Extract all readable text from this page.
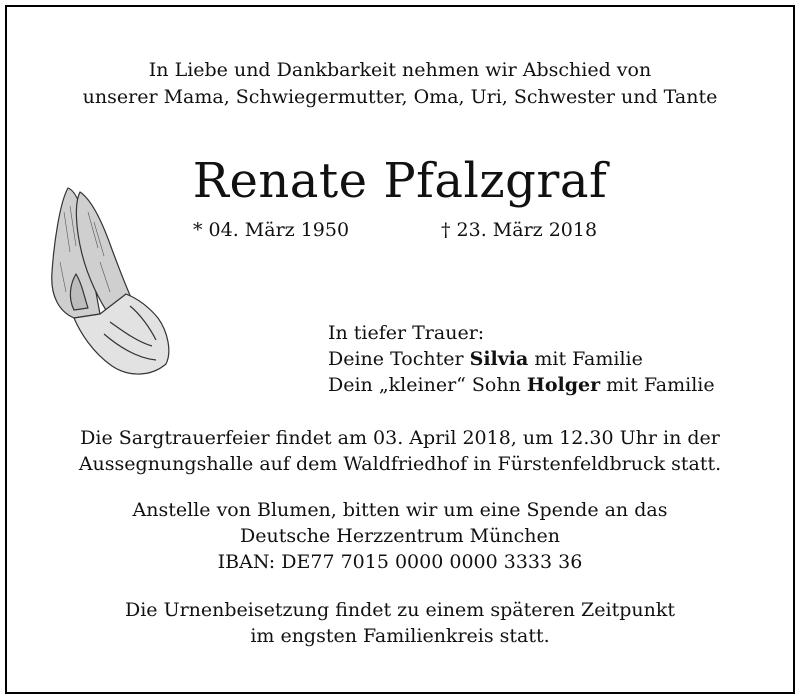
In Liebe und Dankbarkeit nehmen wir Abschied von
unserer Mama, Schwiegermutter, Oma, Uri, Schwester und Tante
Renate Pfalzgraf
* 04. März 1950	† 23. März 2018
In tiefer Trauer:
Deine Tochter Silvia mit Familie
Dein „kleiner“ Sohn Holger mit Familie
Die Sargtrauerfeier findet am 03. April 2018, um 12.30 Uhr in der
Aussegnungshalle auf dem Waldfriedhof in Fürstenfeldbruck statt.
Anstelle von Blumen, bitten wir um eine Spende an das
Deutsche Herzzentrum München
IBAN: DE77 7015 0000 0000 3333 36
Die Urnenbeisetzung findet zu einem späteren Zeitpunkt
im engsten Familienkreis statt.
